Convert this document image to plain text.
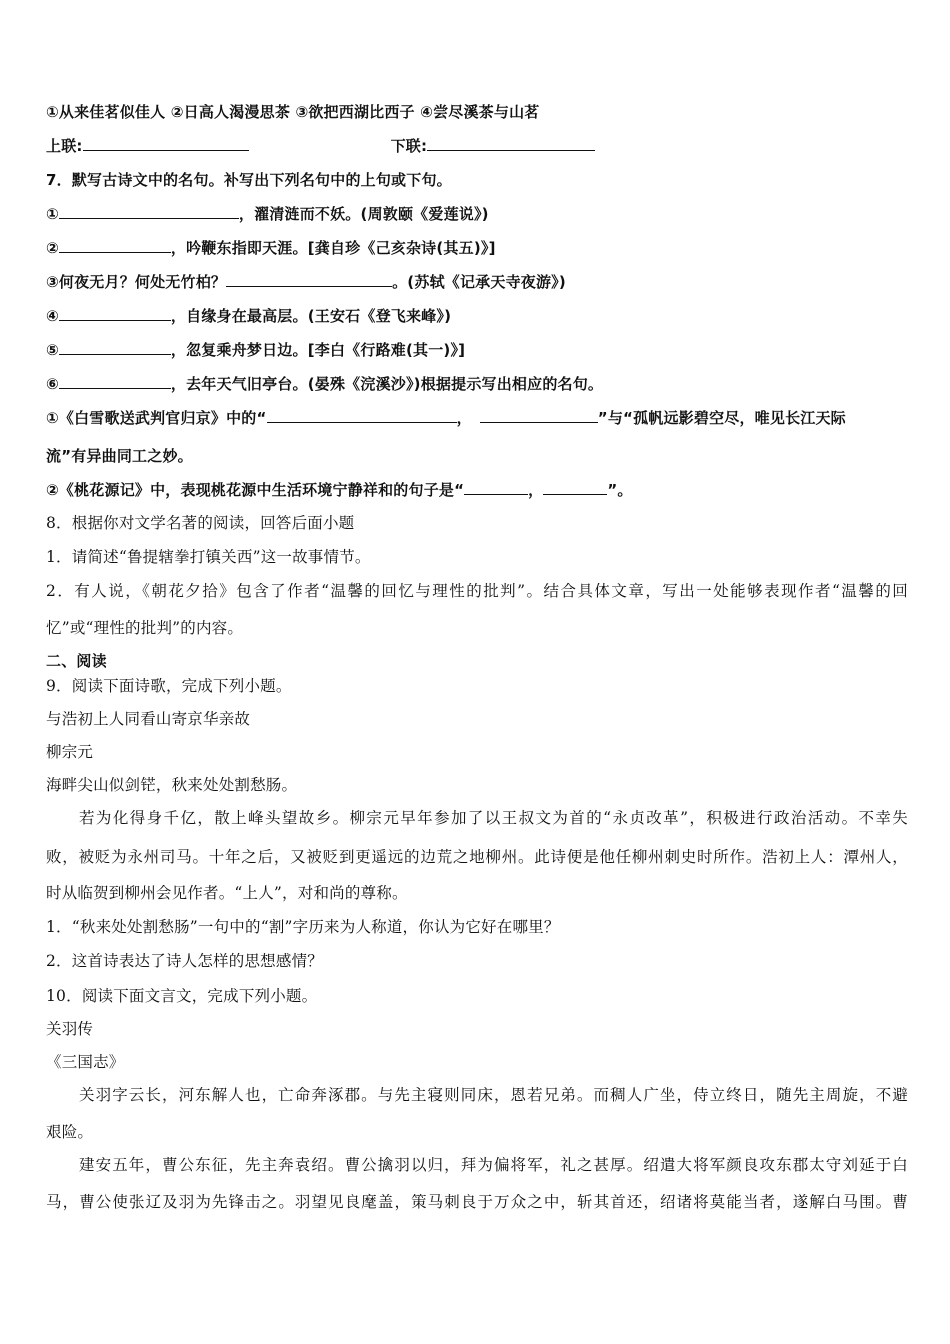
①从来佳茗似佳人 ②日高人渴漫思茶 ③欲把西湖比西子 ④尝尽溪茶与山茗
上联:	下联:
7．默写古诗文中的名句。补写出下列名句中的上句或下句。
①	，濯清涟而不妖。(周敦颐《爱莲说》)
②	，吟鞭东指即天涯。[龚自珍《己亥杂诗(其五)》]
③何夜无月？何处无竹柏？	。(苏轼《记承天寺夜游》)
④	，自缘身在最高层。(王安石《登飞来峰》)
⑤	，忽复乘舟梦日边。[李白《行路难(其一)》]
⑥	，去年天气旧亭台。(晏殊《浣溪沙》)根据提示写出相应的名句。
①《白雪歌送武判官归京》中的“	，	”与“孤帆远影碧空尽，唯见长江天际
流”有异曲同工之妙。
②《桃花源记》中，表现桃花源中生活环境宁静祥和的句子是“	，	”。
8．根据你对文学名著的阅读，回答后面小题
1．请简述“鲁提辖拳打镇关西”这一故事情节。
2．有人说，《朝花夕拾》包含了作者“温馨的回忆与理性的批判”。结合具体文章，写出一处能够表现作者“温馨的回
忆”或“理性的批判”的内容。
二、阅读
9．阅读下面诗歌，完成下列小题。
与浩初上人同看山寄京华亲故
柳宗元
海畔尖山似剑铓，秋来处处割愁肠。
若为化得身千亿，散上峰头望故乡。柳宗元早年参加了以王叔文为首的“永贞改革”，积极进行政治活动。不幸失
败，被贬为永州司马。十年之后，又被贬到更遥远的边荒之地柳州。此诗便是他任柳州刺史时所作。浩初上人：潭州人，
时从临贺到柳州会见作者。“上人”，对和尚的尊称。
1．“秋来处处割愁肠”一句中的“割”字历来为人称道，你认为它好在哪里？
2．这首诗表达了诗人怎样的思想感情？
10．阅读下面文言文，完成下列小题。
关羽传
《三国志》
关羽字云长，河东解人也，亡命奔涿郡。与先主寝则同床，恩若兄弟。而稠人广坐，侍立终日，随先主周旋，不避
艰险。
建安五年，曹公东征，先主奔袁绍。曹公擒羽以归，拜为偏将军，礼之甚厚。绍遣大将军颜良攻东郡太守刘延于白
马，曹公使张辽及羽为先锋击之。羽望见良麾盖，策马刺良于万众之中，斩其首还，绍诸将莫能当者，遂解白马围。曹
